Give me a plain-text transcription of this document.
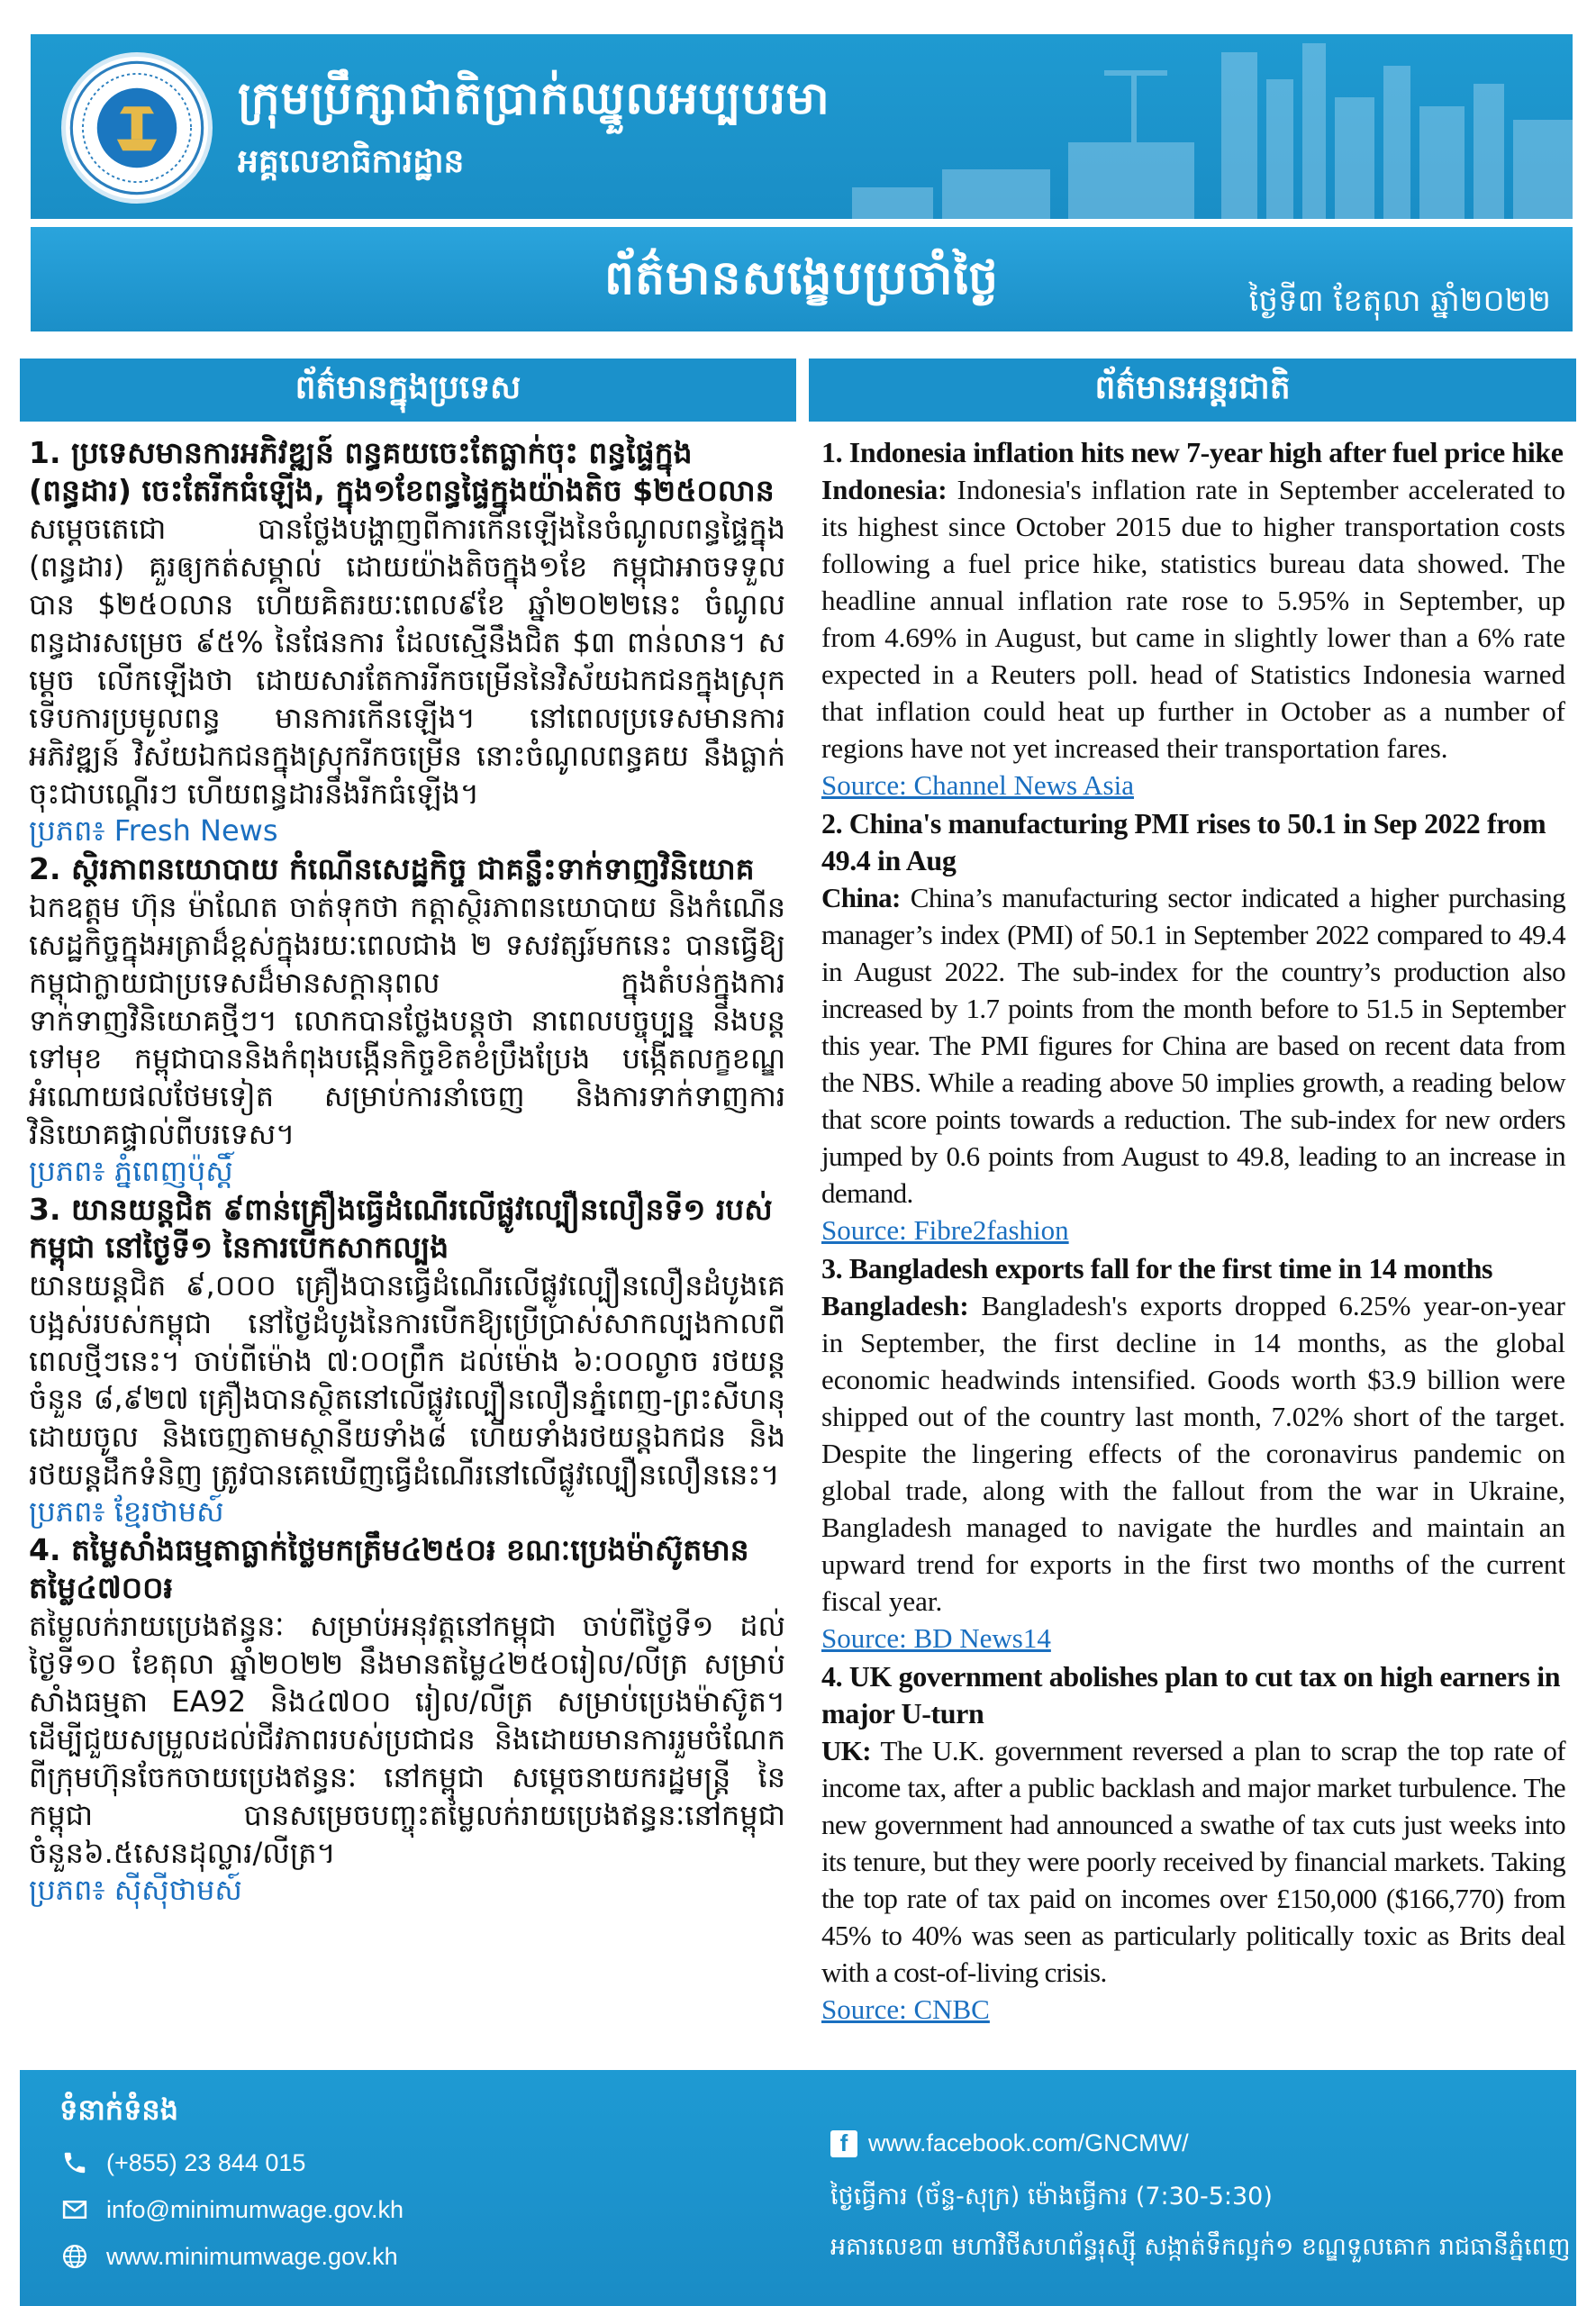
ក្រុមប្រឹក្សាជាតិប្រាក់ឈ្នួលអប្បបរមា
អគ្គលេខាធិការដ្ឋាន
ព័ត៌មានសង្ខេបប្រចាំថ្ងៃ	ថ្ងៃទី៣ ខែតុលា ឆ្នាំ២០២២
ព័ត៌មានក្នុងប្រទេស
1. ប្រទេសមានការអភិវឌ្ឍន៍ ពន្ធគយចេះតែធ្លាក់ចុះ ពន្ធផ្ទៃក្នុង (ពន្ធដារ) ចេះតែរីកធំឡើង, ក្នុង១ខែពន្ធផ្ទៃក្នុងយ៉ាងតិច $២៥០លាន
សម្តេចតេជោ បានថ្លែងបង្ហាញពីការកើនឡើងនៃចំណូលពន្ធផ្ទៃក្នុង (ពន្ធដារ) គួរឲ្យកត់សម្គាល់ ដោយយ៉ាងតិចក្នុង១ខែ កម្ពុជាអាចទទួលបាន $២៥០លាន ហើយគិតរយៈពេល៩ខែ ឆ្នាំ២០២២នេះ ចំណូលពន្ធដារសម្រេច ៩៥% នៃផែនការ ដែលស្មើនឹងជិត $៣ ពាន់លាន។ សម្តេច លើកឡើងថា ដោយសារតែការរីកចម្រើននៃវិស័យឯកជនក្នុងស្រុក ទើបការប្រមូលពន្ធ មានការកើនឡើង។ នៅពេលប្រទេសមានការអភិវឌ្ឍន៍ វិស័យឯកជនក្នុងស្រុករីកចម្រើន នោះចំណូលពន្ធគយ នឹងធ្លាក់ចុះជាបណ្តើរៗ ហើយពន្ធដារនឹងរីកធំឡើង។
ប្រភព៖ Fresh News
2. ស្ថិរភាពនយោបាយ កំណើនសេដ្ឋកិច្ច ជាគន្លឹះទាក់ទាញវិនិយោគ
ឯកឧត្តម ហ៊ុន ម៉ាណែត ចាត់ទុកថា កត្តាស្ថិរភាពនយោបាយ និងកំណើនសេដ្ឋកិច្ចក្នុងអត្រាដ៏ខ្ពស់ក្នុងរយៈពេលជាង ២ ទសវត្សរ៍មកនេះ បានធ្វើឱ្យកម្ពុជាក្លាយជាប្រទេសដ៏មានសក្តានុពល ក្នុងតំបន់ក្នុងការទាក់ទាញវិនិយោគថ្មីៗ។ លោកបានថ្លែងបន្តថា នាពេលបច្ចុប្បន្ន និងបន្តទៅមុខ កម្ពុជាបាននិងកំពុងបង្កើនកិច្ចខិតខំប្រឹងប្រែង បង្កើតលក្ខខណ្ឌ អំណោយផលថែមទៀត សម្រាប់ការនាំចេញ និងការទាក់ទាញការវិនិយោគផ្ទាល់ពីបរទេស។
ប្រភព៖ ភ្នំពេញប៉ុស្តិ៍
3. យានយន្តជិត ៩ពាន់គ្រឿងធ្វើដំណើរលើផ្លូវល្បឿនលឿនទី១ របស់កម្ពុជា នៅថ្ងៃទី១ នៃការបើកសាកល្បង
យានយន្តជិត ៩,០០០ គ្រឿងបានធ្វើដំណើរលើផ្លូវល្បឿនលឿនដំបូងគេបង្អស់របស់កម្ពុជា នៅថ្ងៃដំបូងនៃការបើកឱ្យប្រើប្រាស់សាកល្បងកាលពីពេលថ្មីៗនេះ។ ចាប់ពីម៉ោង ៧:០០ព្រឹក ដល់ម៉ោង ៦:០០ល្ងាច រថយន្តចំនួន ៨,៩២៧ គ្រឿងបានស្ថិតនៅលើផ្លូវល្បឿនលឿនភ្នំពេញ-ព្រះសីហនុ ដោយចូល និងចេញតាមស្ថានីយទាំង៨ ហើយទាំងរថយន្តឯកជន និងរថយន្តដឹកទំនិញ ត្រូវបានគេឃើញធ្វើដំណើរនៅលើផ្លូវល្បឿនលឿននេះ។
ប្រភព៖ ខ្មែរថាមស៍
4. តម្លៃសាំងធម្មតាធ្លាក់ថ្លៃមកត្រឹម៤២៥០៛ ខណៈប្រេងម៉ាស៊ូតមានតម្លៃ៤៧០០៛
តម្លៃលក់រាយប្រេងឥន្ធនៈ សម្រាប់អនុវត្តនៅកម្ពុជា ចាប់ពីថ្ងៃទី១ ដល់ថ្ងៃទី១០ ខែតុលា ឆ្នាំ២០២២ នឹងមានតម្លៃ៤២៥០រៀល/លីត្រ សម្រាប់សាំងធម្មតា EA92 និង៤៧០០ រៀល/លីត្រ សម្រាប់ប្រេងម៉ាស៊ូត។ ដើម្បីជួយសម្រួលដល់ជីវភាពរបស់ប្រជាជន និងដោយមានការរួមចំណែក ពីក្រុមហ៊ុនចែកចាយប្រេងឥន្ធនៈ នៅកម្ពុជា សម្តេចនាយករដ្ឋមន្ត្រី នៃកម្ពុជា បានសម្រេចបញ្ចុះតម្លៃលក់រាយប្រេងឥន្ធនៈនៅកម្ពុជា ចំនួន៦.៥សេនដុល្លារ/លីត្រ។
ប្រភព៖ ស៊ីស៊ីថាមស៍
ព័ត៌មានអន្តរជាតិ
1. Indonesia inflation hits new 7-year high after fuel price hike
Indonesia: Indonesia's inflation rate in September accelerated to its highest since October 2015 due to higher transportation costs following a fuel price hike, statistics bureau data showed. The headline annual inflation rate rose to 5.95% in September, up from 4.69% in August, but came in slightly lower than a 6% rate expected in a Reuters poll. head of Statistics Indonesia warned that inflation could heat up further in October as a number of regions have not yet increased their transportation fares.
Source: Channel News Asia
2. China's manufacturing PMI rises to 50.1 in Sep 2022 from 49.4 in Aug
China: China’s manufacturing sector indicated a higher purchasing manager’s index (PMI) of 50.1 in September 2022 compared to 49.4 in August 2022. The sub-index for the country’s production also increased by 1.7 points from the month before to 51.5 in September this year. The PMI figures for China are based on recent data from the NBS. While a reading above 50 implies growth, a reading below that score points towards a reduction. The sub-index for new orders jumped by 0.6 points from August to 49.8, leading to an increase in demand.
Source: Fibre2fashion
3. Bangladesh exports fall for the first time in 14 months
Bangladesh: Bangladesh's exports dropped 6.25% year-on-year in September, the first decline in 14 months, as the global economic headwinds intensified. Goods worth $3.9 billion were shipped out of the country last month, 7.02% short of the target. Despite the lingering effects of the coronavirus pandemic on global trade, along with the fallout from the war in Ukraine, Bangladesh managed to navigate the hurdles and maintain an upward trend for exports in the first two months of the current fiscal year.
Source: BD News14
4. UK government abolishes plan to cut tax on high earners in major U-turn
UK: The U.K. government reversed a plan to scrap the top rate of income tax, after a public backlash and major market turbulence. The new government had announced a swathe of tax cuts just weeks into its tenure, but they were poorly received by financial markets. Taking the top rate of tax paid on incomes over £150,000 ($166,770) from 45% to 40% was seen as particularly politically toxic as Brits deal with a cost-of-living crisis.
Source: CNBC
ទំនាក់ទំនង
(+855) 23 844 015
info@minimumwage.gov.kh
www.minimumwage.gov.kh
f www.facebook.com/GNCMW/
ថ្ងៃធ្វើការ (ច័ន្ទ-សុក្រ) ម៉ោងធ្វើការ (7:30-5:30)
អគារលេខ៣ មហាវិថីសហព័ន្ធរុស្ស៊ី សង្កាត់ទឹកល្អក់១ ខណ្ឌទួលគោក រាជធានីភ្នំពេញ
